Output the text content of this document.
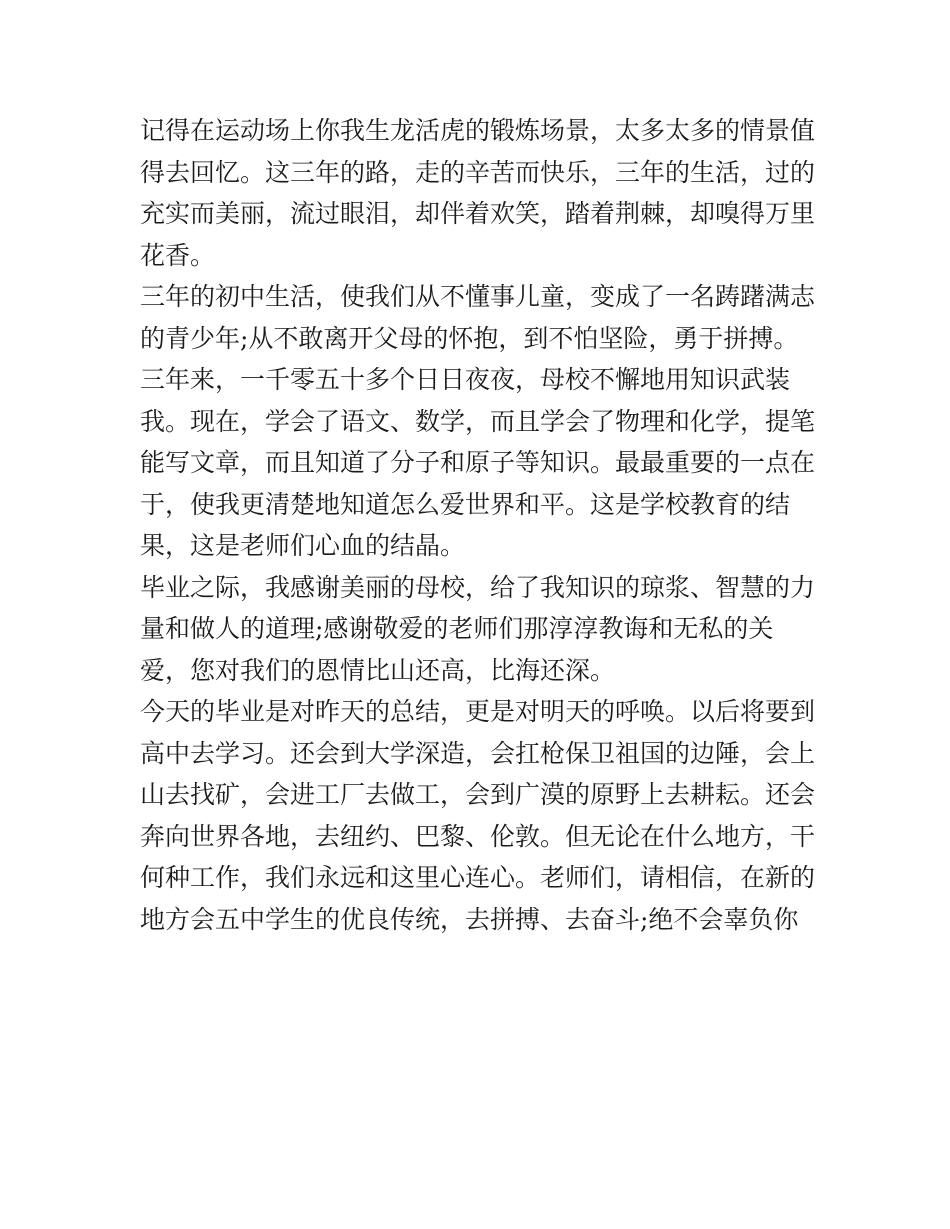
记得在运动场上你我生龙活虎的锻炼场景，太多太多的情景值
得去回忆。这三年的路，走的辛苦而快乐，三年的生活，过的
充实而美丽，流过眼泪，却伴着欢笑，踏着荆棘，却嗅得万里
花香。
三年的初中生活，使我们从不懂事儿童，变成了一名踌躇满志
的青少年;从不敢离开父母的怀抱，到不怕坚险，勇于拼搏。
三年来，一千零五十多个日日夜夜，母校不懈地用知识武装
我。现在，学会了语文、数学，而且学会了物理和化学，提笔
能写文章，而且知道了分子和原子等知识。最最重要的一点在
于，使我更清楚地知道怎么爱世界和平。这是学校教育的结
果，这是老师们心血的结晶。
毕业之际，我感谢美丽的母校，给了我知识的琼浆、智慧的力
量和做人的道理;感谢敬爱的老师们那淳淳教诲和无私的关
爱，您对我们的恩情比山还高，比海还深。
今天的毕业是对昨天的总结，更是对明天的呼唤。以后将要到
高中去学习。还会到大学深造，会扛枪保卫祖国的边陲，会上
山去找矿，会进工厂去做工，会到广漠的原野上去耕耘。还会
奔向世界各地，去纽约、巴黎、伦敦。但无论在什么地方，干
何种工作，我们永远和这里心连心。老师们，请相信，在新的
地方会五中学生的优良传统，去拼搏、去奋斗;绝不会辜负你
